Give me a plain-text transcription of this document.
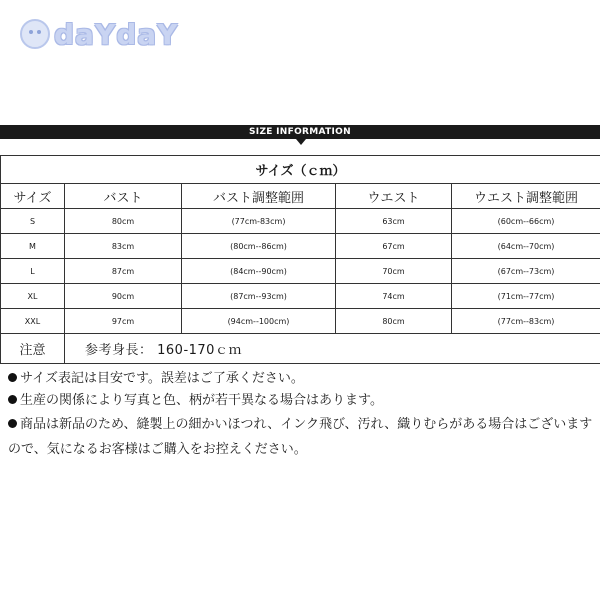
daYdaY
SIZE INFORMATION
サイズ（ｃｍ）				
サイズ	バスト	バスト調整範囲	ウエスト	ウエスト調整範囲
S	80cm	(77cm-83cm)	63cm	(60cm--66cm)
M	83cm	(80cm--86cm)	67cm	(64cm--70cm)
L	87cm	(84cm--90cm)	70cm	(67cm--73cm)
XL	90cm	(87cm--93cm)	74cm	(71cm--77cm)
XXL	97cm	(94cm--100cm)	80cm	(77cm--83cm)
注意	参考身長： 160-170ｃｍ			
サイズ表記は目安です。誤差はご了承ください。
生産の関係により写真と色、柄が若干異なる場合はあります。
商品は新品のため、縫製上の細かいほつれ、インク飛び、汚れ、織りむらがある場合はございますので、気になるお客様はご購入をお控えください。
